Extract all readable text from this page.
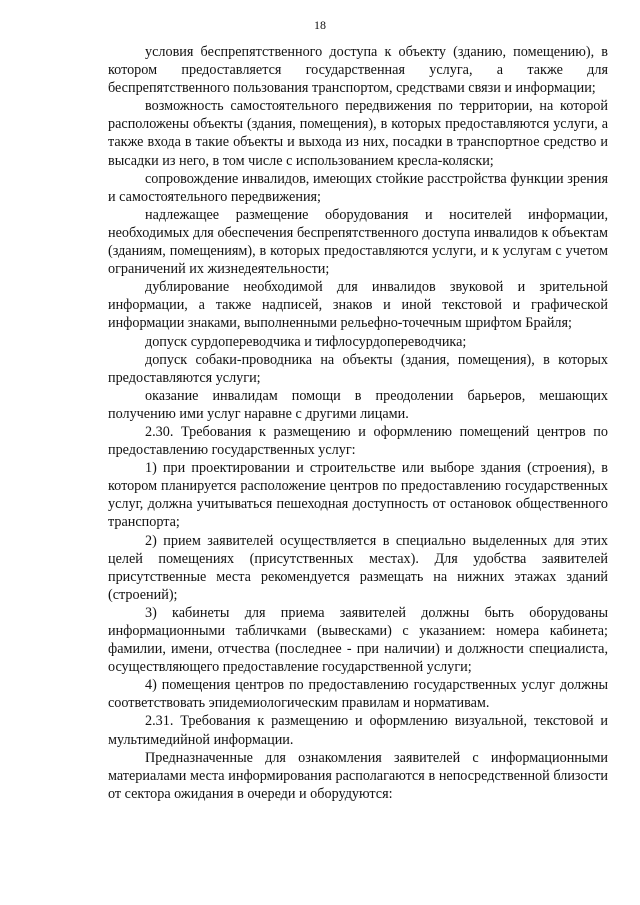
18

условия беспрепятственного доступа к объекту (зданию, помещению), в котором предоставляется государственная услуга, а также для беспрепятственного пользования транспортом, средствами связи и информации;

возможность самостоятельного передвижения по территории, на которой расположены объекты (здания, помещения), в которых предоставляются услуги, а также входа в такие объекты и выхода из них, посадки в транспортное средство и высадки из него, в том числе с использованием кресла-коляски;

сопровождение инвалидов, имеющих стойкие расстройства функции зрения и самостоятельного передвижения;

надлежащее размещение оборудования и носителей информации, необходимых для обеспечения беспрепятственного доступа инвалидов к объектам (зданиям, помещениям), в которых предоставляются услуги, и к услугам с учетом ограничений их жизнедеятельности;

дублирование необходимой для инвалидов звуковой и зрительной информации, а также надписей, знаков и иной текстовой и графической информации знаками, выполненными рельефно-точечным шрифтом Брайля;

допуск сурдопереводчика и тифлосурдопереводчика;

допуск собаки-проводника на объекты (здания, помещения), в которых предоставляются услуги;

оказание инвалидам помощи в преодолении барьеров, мешающих получению ими услуг наравне с другими лицами.

2.30. Требования к размещению и оформлению помещений центров по предоставлению государственных услуг:

1) при проектировании и строительстве или выборе здания (строения), в котором планируется расположение центров по предоставлению государственных услуг, должна учитываться пешеходная доступность от остановок общественного транспорта;

2) прием заявителей осуществляется в специально выделенных для этих целей помещениях (присутственных местах). Для удобства заявителей присутственные места рекомендуется размещать на нижних этажах зданий (строений);

3) кабинеты для приема заявителей должны быть оборудованы информационными табличками (вывесками) с указанием: номера кабинета; фамилии, имени, отчества (последнее - при наличии) и должности специалиста, осуществляющего предоставление государственной услуги;

4) помещения центров по предоставлению государственных услуг должны соответствовать эпидемиологическим правилам и нормативам.

2.31. Требования к размещению и оформлению визуальной, текстовой и мультимедийной информации.

Предназначенные для ознакомления заявителей с информационными материалами места информирования располагаются в непосредственной близости от сектора ожидания в очереди и оборудуются:
